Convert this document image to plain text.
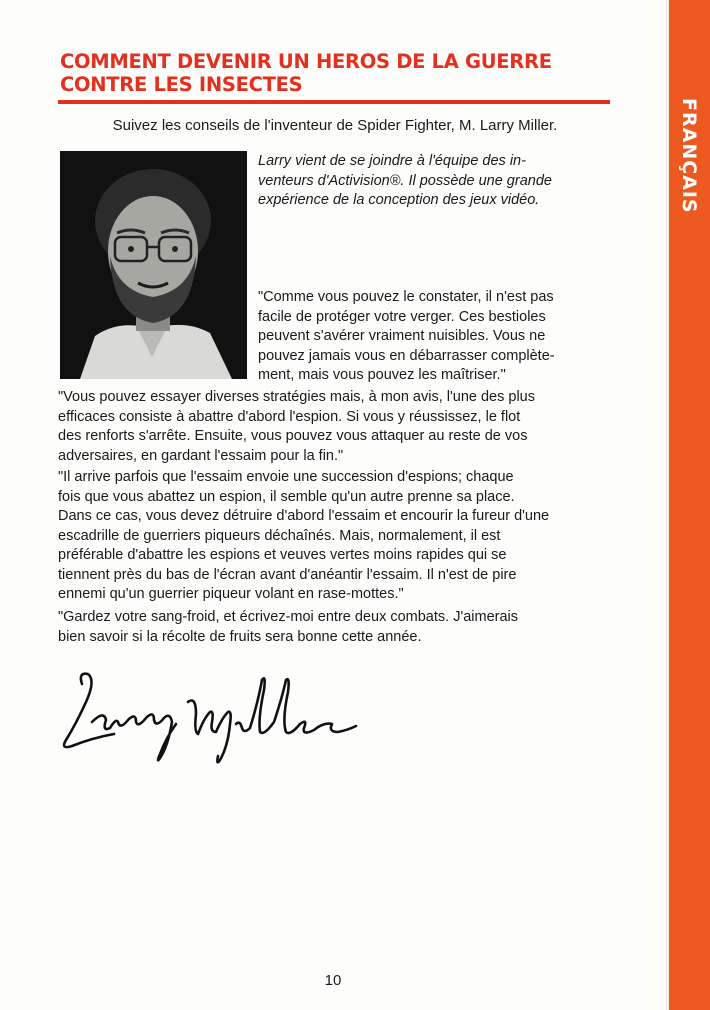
FRANÇAIS
COMMENT DEVENIR UN HEROS DE LA GUERRE
CONTRE LES INSECTES
Suivez les conseils de l'inventeur de Spider Fighter, M. Larry Miller.
Larry vient de se joindre à l'équipe des in-
venteurs d'Activision®. Il possède une grande
expérience de la conception des jeux vidéo.
"Comme vous pouvez le constater, il n'est pas
facile de protéger votre verger. Ces bestioles
peuvent s'avérer vraiment nuisibles. Vous ne
pouvez jamais vous en débarrasser complète-
ment, mais vous pouvez les maîtriser."

"Vous pouvez essayer diverses stratégies mais, à mon avis, l'une des plus
efficaces consiste à abattre d'abord l'espion. Si vous y réussissez, le flot
des renforts s'arrête. Ensuite, vous pouvez vous attaquer au reste de vos
adversaires, en gardant l'essaim pour la fin."

"Il arrive parfois que l'essaim envoie une succession d'espions; chaque
fois que vous abattez un espion, il semble qu'un autre prenne sa place.
Dans ce cas, vous devez détruire d'abord l'essaim et encourir la fureur d'une
escadrille de guerriers piqueurs déchaînés. Mais, normalement, il est
préférable d'abattre les espions et veuves vertes moins rapides qui se
tiennent près du bas de l'écran avant d'anéantir l'essaim. Il n'est de pire
ennemi qu'un guerrier piqueur volant en rase-mottes."

"Gardez votre sang-froid, et écrivez-moi entre deux combats. J'aimerais
bien savoir si la récolte de fruits sera bonne cette année.

10
